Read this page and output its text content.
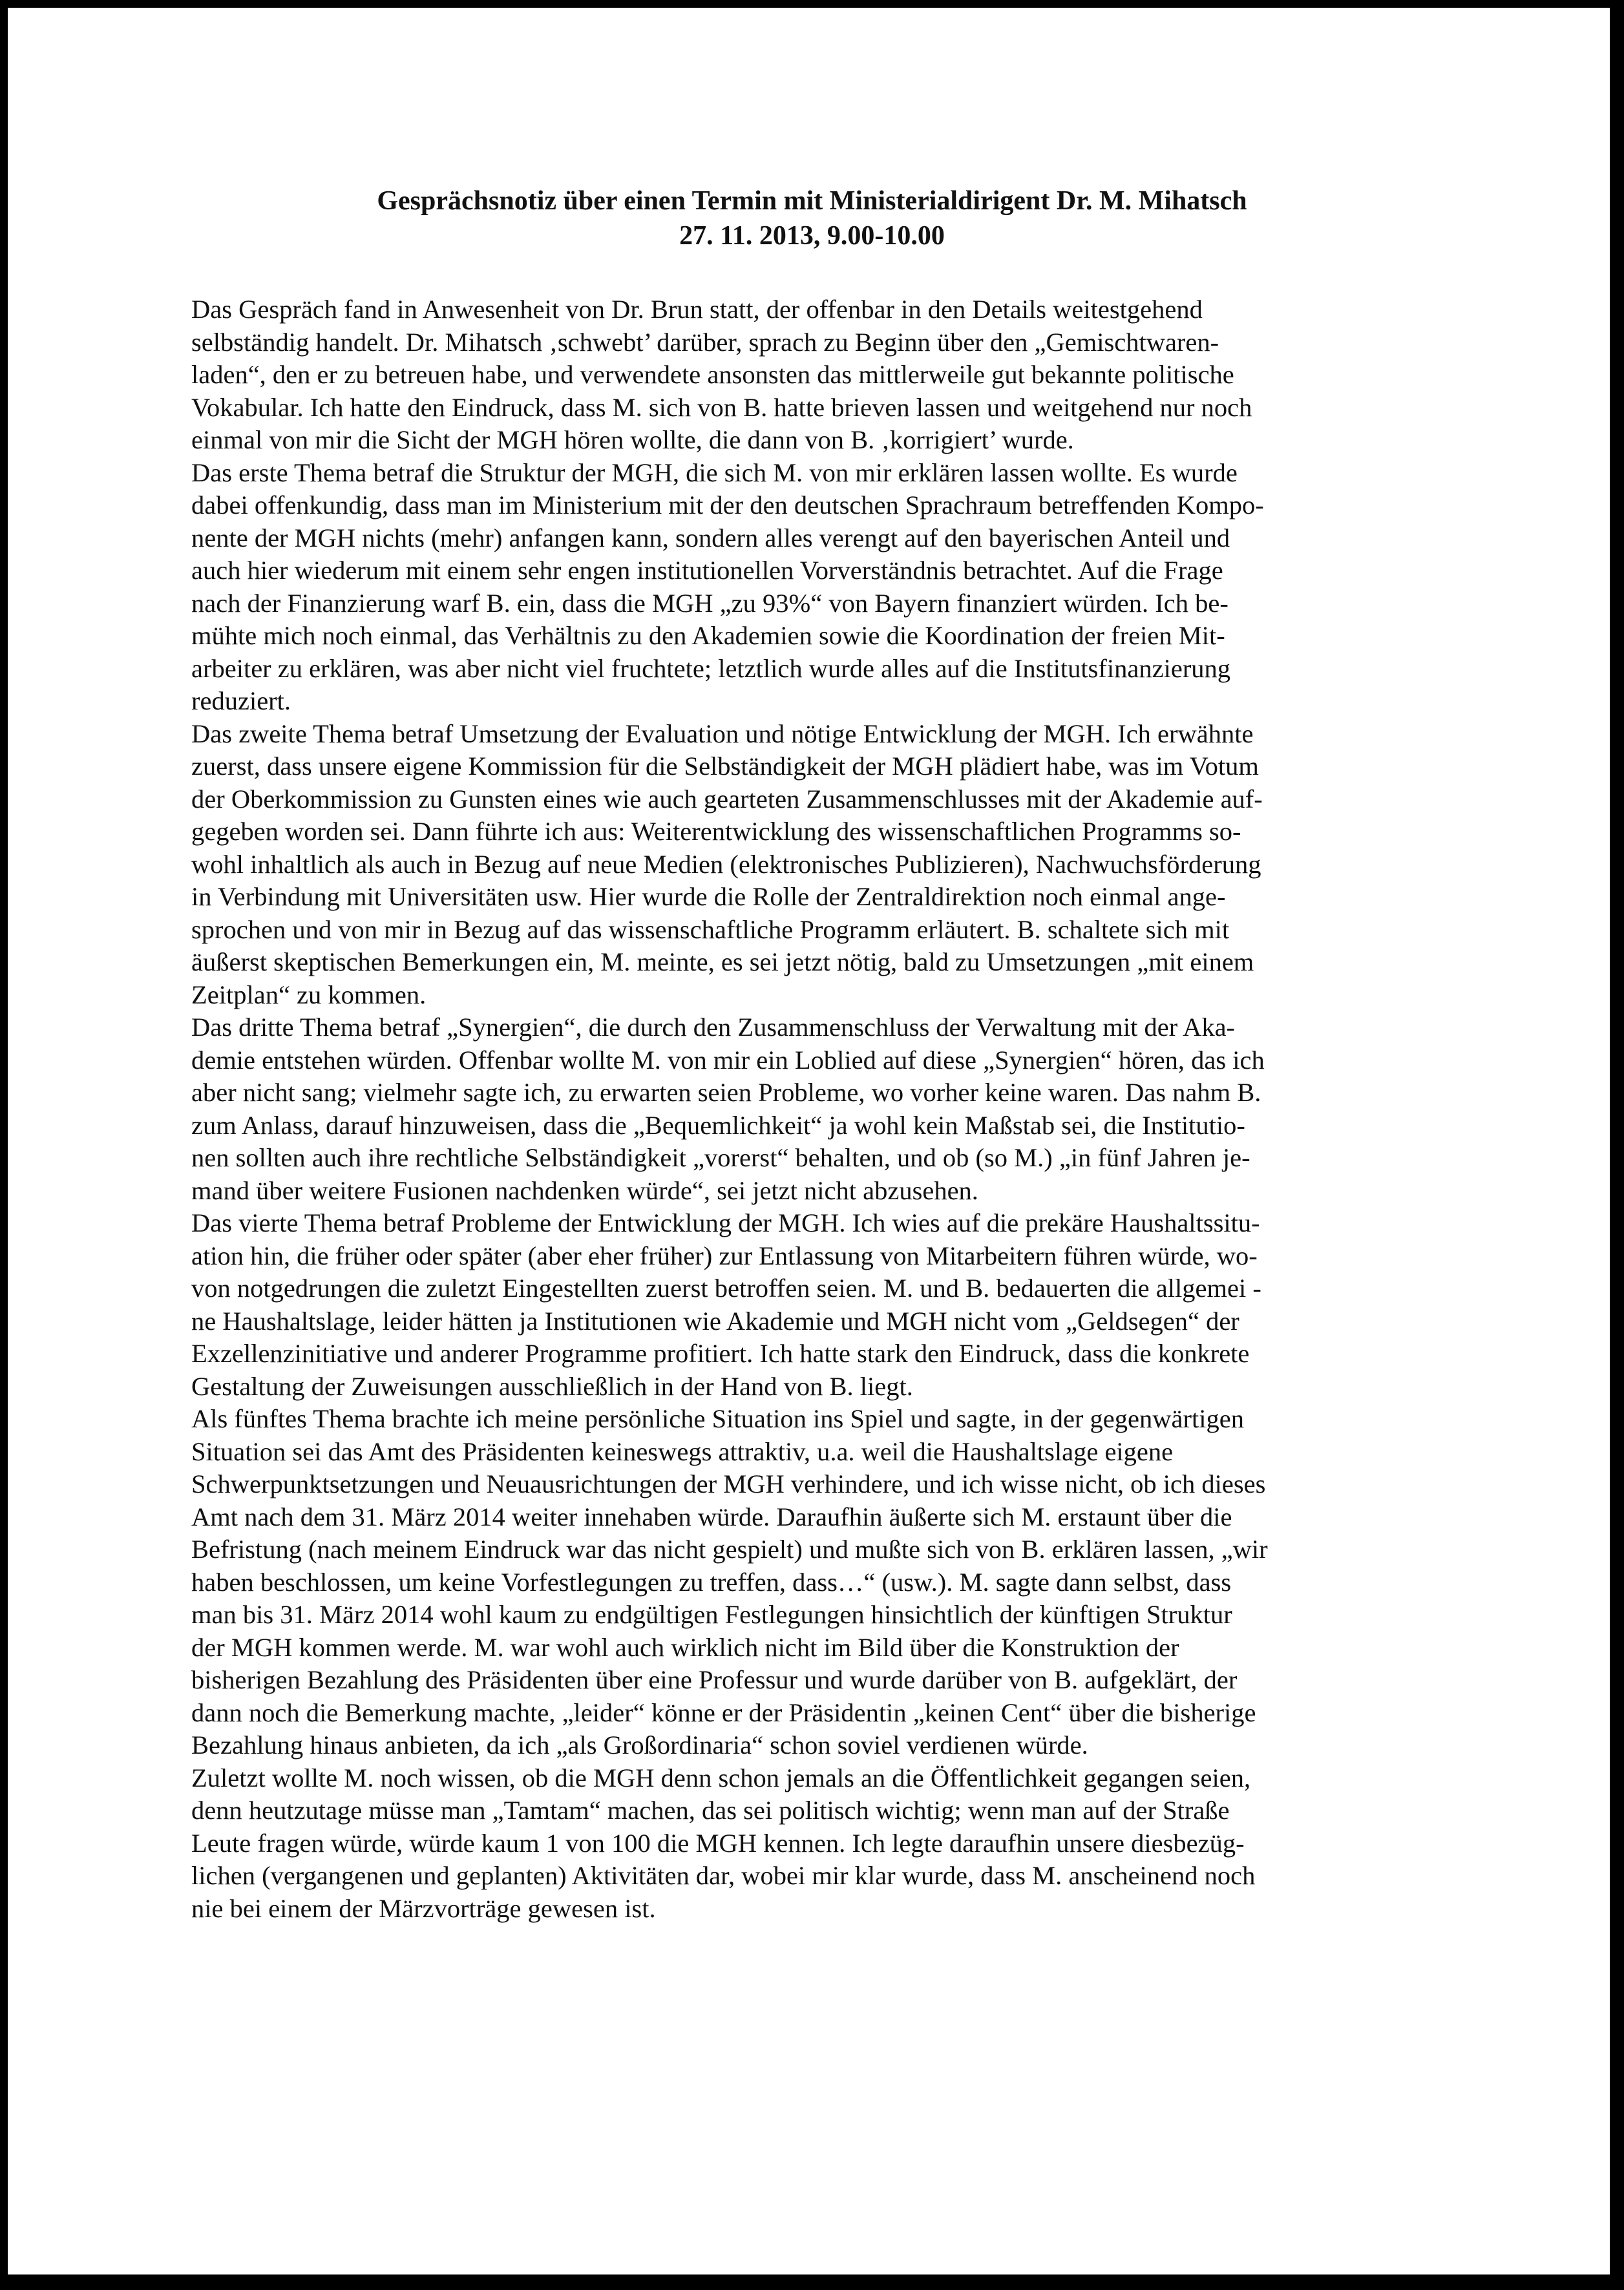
Gesprächsnotiz über einen Termin mit Ministerialdirigent Dr. M. Mihatsch
27. 11. 2013, 9.00-10.00
Das Gespräch fand in Anwesenheit von Dr. Brun statt, der offenbar in den Details weitestgehend
selbständig handelt. Dr. Mihatsch ‚schwebt’ darüber, sprach zu Beginn über den „Gemischtwaren-
laden“, den er zu betreuen habe, und verwendete ansonsten das mittlerweile gut bekannte politische
Vokabular. Ich hatte den Eindruck, dass M. sich von B. hatte brieven lassen und weitgehend nur noch
einmal von mir die Sicht der MGH hören wollte, die dann von B. ‚korrigiert’ wurde.
Das erste Thema betraf die Struktur der MGH, die sich M. von mir erklären lassen wollte. Es wurde
dabei offenkundig, dass man im Ministerium mit der den deutschen Sprachraum betreffenden Kompo-
nente der MGH nichts (mehr) anfangen kann, sondern alles verengt auf den bayerischen Anteil und
auch hier wiederum mit einem sehr engen institutionellen Vorverständnis betrachtet. Auf die Frage
nach der Finanzierung warf B. ein, dass die MGH „zu 93%“ von Bayern finanziert würden. Ich be-
mühte mich noch einmal, das Verhältnis zu den Akademien sowie die Koordination der freien Mit-
arbeiter zu erklären, was aber nicht viel fruchtete; letztlich wurde alles auf die Institutsfinanzierung
reduziert.
Das zweite Thema betraf Umsetzung der Evaluation und nötige Entwicklung der MGH. Ich erwähnte
zuerst, dass unsere eigene Kommission für die Selbständigkeit der MGH plädiert habe, was im Votum
der Oberkommission zu Gunsten eines wie auch gearteten Zusammenschlusses mit der Akademie auf-
gegeben worden sei. Dann führte ich aus: Weiterentwicklung des wissenschaftlichen Programms so-
wohl inhaltlich als auch in Bezug auf neue Medien (elektronisches Publizieren), Nachwuchsförderung
in Verbindung mit Universitäten usw. Hier wurde die Rolle der Zentraldirektion noch einmal ange-
sprochen und von mir in Bezug auf das wissenschaftliche Programm erläutert. B. schaltete sich mit
äußerst skeptischen Bemerkungen ein, M. meinte, es sei jetzt nötig, bald zu Umsetzungen „mit einem
Zeitplan“ zu kommen.
Das dritte Thema betraf „Synergien“, die durch den Zusammenschluss der Verwaltung mit der Aka-
demie entstehen würden. Offenbar wollte M. von mir ein Loblied auf diese „Synergien“ hören, das ich
aber nicht sang; vielmehr sagte ich, zu erwarten seien Probleme, wo vorher keine waren. Das nahm B.
zum Anlass, darauf hinzuweisen, dass die „Bequemlichkeit“ ja wohl kein Maßstab sei, die Institutio-
nen sollten auch ihre rechtliche Selbständigkeit „vorerst“ behalten, und ob (so M.) „in fünf Jahren je-
mand über weitere Fusionen nachdenken würde“, sei jetzt nicht abzusehen.
Das vierte Thema betraf Probleme der Entwicklung der MGH. Ich wies auf die prekäre Haushaltssitu-
ation hin, die früher oder später (aber eher früher) zur Entlassung von Mitarbeitern führen würde, wo-
von notgedrungen die zuletzt Eingestellten zuerst betroffen seien. M. und B. bedauerten die allgemei -
ne Haushaltslage, leider hätten ja Institutionen wie Akademie und MGH nicht vom „Geldsegen“ der
Exzellenzinitiative und anderer Programme profitiert. Ich hatte stark den Eindruck, dass die konkrete
Gestaltung der Zuweisungen ausschließlich in der Hand von B. liegt.
Als fünftes Thema brachte ich meine persönliche Situation ins Spiel und sagte, in der gegenwärtigen
Situation sei das Amt des Präsidenten keineswegs attraktiv, u.a. weil die Haushaltslage eigene
Schwerpunktsetzungen und Neuausrichtungen der MGH verhindere, und ich wisse nicht, ob ich dieses
Amt nach dem 31. März 2014 weiter innehaben würde. Daraufhin äußerte sich M. erstaunt über die
Befristung (nach meinem Eindruck war das nicht gespielt) und mußte sich von B. erklären lassen, „wir
haben beschlossen, um keine Vorfestlegungen zu treffen, dass…“ (usw.). M. sagte dann selbst, dass
man bis 31. März 2014 wohl kaum zu endgültigen Festlegungen hinsichtlich der künftigen Struktur
der MGH kommen werde. M. war wohl auch wirklich nicht im Bild über die Konstruktion der
bisherigen Bezahlung des Präsidenten über eine Professur und wurde darüber von B. aufgeklärt, der
dann noch die Bemerkung machte, „leider“ könne er der Präsidentin „keinen Cent“ über die bisherige
Bezahlung hinaus anbieten, da ich „als Großordinaria“ schon soviel verdienen würde.
Zuletzt wollte M. noch wissen, ob die MGH denn schon jemals an die Öffentlichkeit gegangen seien,
denn heutzutage müsse man „Tamtam“ machen, das sei politisch wichtig; wenn man auf der Straße
Leute fragen würde, würde kaum 1 von 100 die MGH kennen. Ich legte daraufhin unsere diesbezüg-
lichen (vergangenen und geplanten) Aktivitäten dar, wobei mir klar wurde, dass M. anscheinend noch
nie bei einem der Märzvorträge gewesen ist.
